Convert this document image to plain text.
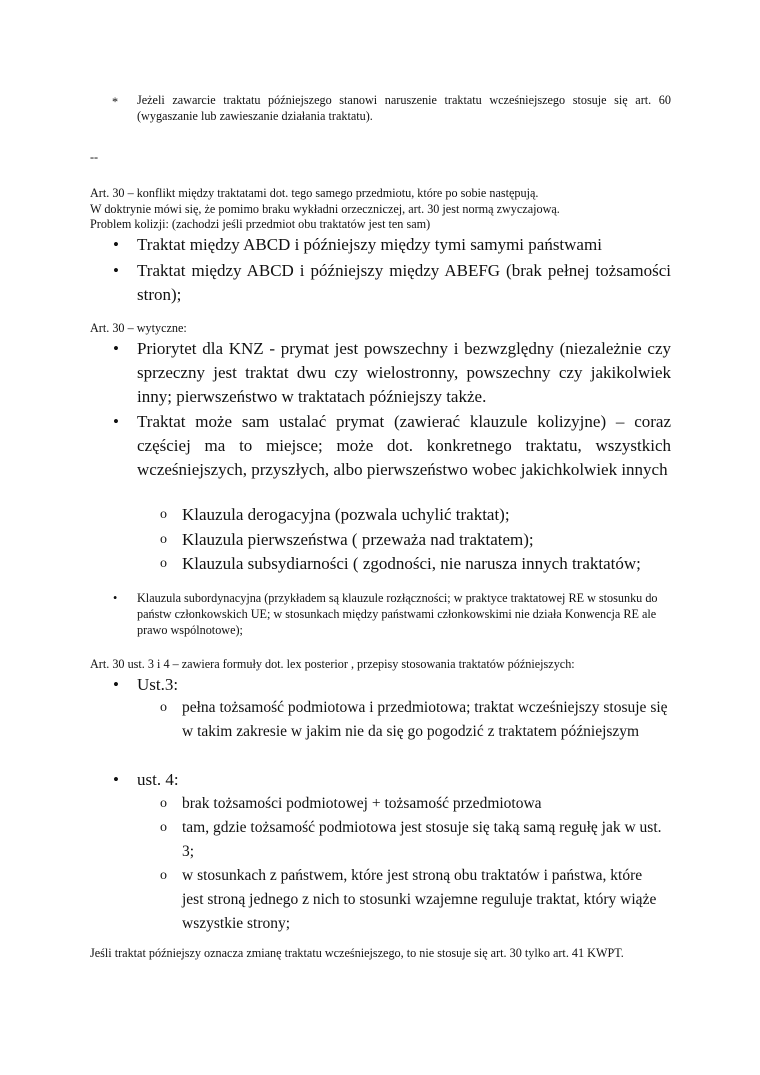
* Jeżeli zawarcie traktatu późniejszego stanowi naruszenie traktatu wcześniejszego stosuje się art. 60 (wygaszanie lub zawieszanie działania traktatu).
--
Art. 30 – konflikt między traktatami dot. tego samego przedmiotu, które po sobie następują.
W doktrynie mówi się, że pomimo braku wykładni orzeczniczej, art. 30 jest normą zwyczajową.
Problem kolizji: (zachodzi jeśli przedmiot obu traktatów jest ten sam)
• Traktat między ABCD i późniejszy między tymi samymi państwami
• Traktat między ABCD i późniejszy między ABEFG (brak pełnej tożsamości stron);
Art. 30 – wytyczne:
• Priorytet dla KNZ - prymat jest powszechny i bezwzględny (niezależnie czy sprzeczny jest traktat dwu czy wielostronny, powszechny czy jakikolwiek inny; pierwszeństwo w traktatach późniejszy także.
• Traktat może sam ustalać prymat (zawierać klauzule kolizyjne) – coraz częściej ma to miejsce; może dot. konkretnego traktatu, wszystkich wcześniejszych, przyszłych, albo pierwszeństwo wobec jakichkolwiek innych
o Klauzula derogacyjna (pozwala uchylić traktat);
o Klauzula pierwszeństwa ( przeważa nad traktatem);
o Klauzula subsydiarności ( zgodności, nie narusza innych traktatów;
• Klauzula subordynacyjna (przykładem są klauzule rozłączności; w praktyce traktatowej RE w stosunku do państw członkowskich UE; w stosunkach między państwami członkowskimi nie działa Konwencja RE ale prawo wspólnotowe);
Art. 30 ust. 3 i 4 – zawiera formuły dot. lex posterior , przepisy stosowania traktatów późniejszych:
• Ust.3:
o pełna tożsamość podmiotowa i przedmiotowa; traktat wcześniejszy stosuje się w takim zakresie w jakim nie da się go pogodzić z traktatem późniejszym
• ust. 4:
o brak tożsamości podmiotowej + tożsamość przedmiotowa
o tam, gdzie tożsamość podmiotowa jest stosuje się taką samą regułę jak w ust. 3;
o w stosunkach z państwem, które jest stroną obu traktatów i państwa, które jest stroną jednego z nich to stosunki wzajemne reguluje traktat, który wiąże wszystkie strony;
Jeśli traktat późniejszy oznacza zmianę traktatu wcześniejszego, to nie stosuje się art. 30 tylko art. 41 KWPT.
